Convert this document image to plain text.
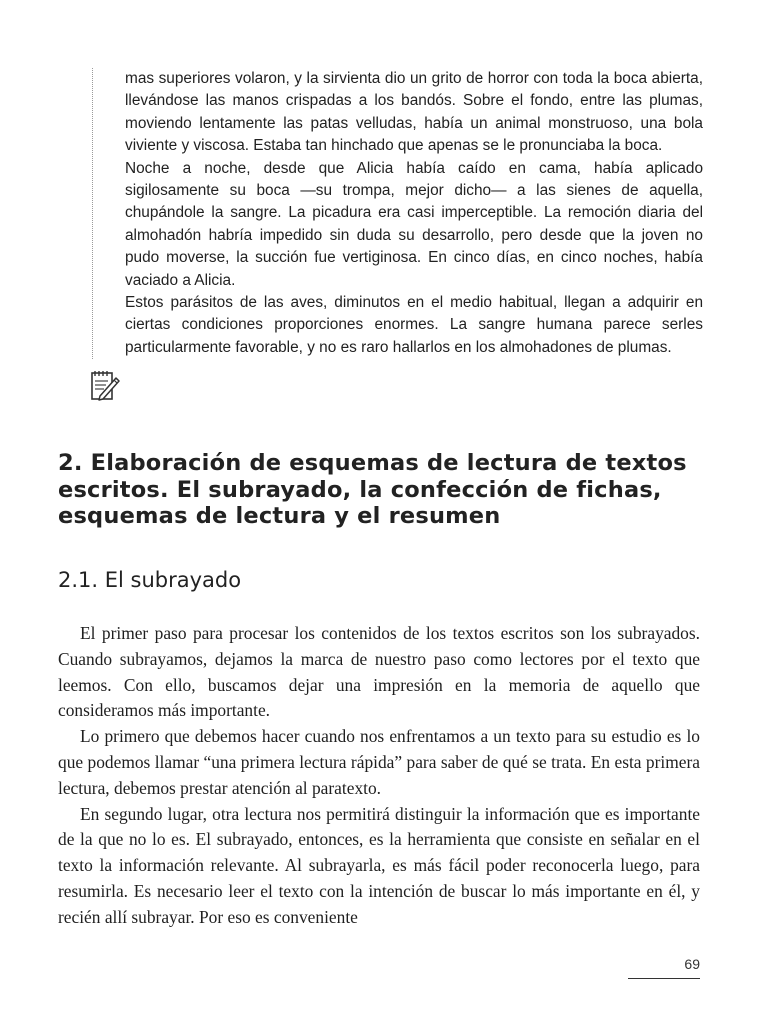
mas superiores volaron, y la sirvienta dio un grito de horror con toda la boca abierta, llevándose las manos crispadas a los bandós. Sobre el fondo, entre las plumas, moviendo lentamente las patas velludas, había un animal monstruoso, una bola viviente y viscosa. Estaba tan hinchado que apenas se le pronunciaba la boca.

Noche a noche, desde que Alicia había caído en cama, había aplicado sigilosamente su boca —su trompa, mejor dicho— a las sienes de aquella, chupándole la sangre. La picadura era casi imperceptible. La remoción diaria del almohadón habría impedido sin duda su desarrollo, pero desde que la joven no pudo moverse, la succión fue vertiginosa. En cinco días, en cinco noches, había vaciado a Alicia.

Estos parásitos de las aves, diminutos en el medio habitual, llegan a adquirir en ciertas condiciones proporciones enormes. La sangre humana parece serles particularmente favorable, y no es raro hallarlos en los almohadones de plumas.

2. Elaboración de esquemas de lectura de textos escritos. El subrayado, la confección de fichas, esquemas de lectura y el resumen
2.1. El subrayado

El primer paso para procesar los contenidos de los textos escritos son los subrayados. Cuando subrayamos, dejamos la marca de nuestro paso como lectores por el texto que leemos. Con ello, buscamos dejar una impresión en la memoria de aquello que consideramos más importante.

Lo primero que debemos hacer cuando nos enfrentamos a un texto para su estudio es lo que podemos llamar “una primera lectura rápida” para saber de qué se trata. En esta primera lectura, debemos prestar atención al paratexto.

En segundo lugar, otra lectura nos permitirá distinguir la información que es importante de la que no lo es. El subrayado, entonces, es la herramienta que consiste en señalar en el texto la información relevante. Al subrayarla, es más fácil poder reconocerla luego, para resumirla. Es necesario leer el texto con la intención de buscar lo más importante en él, y recién allí subrayar. Por eso es conveniente

69
